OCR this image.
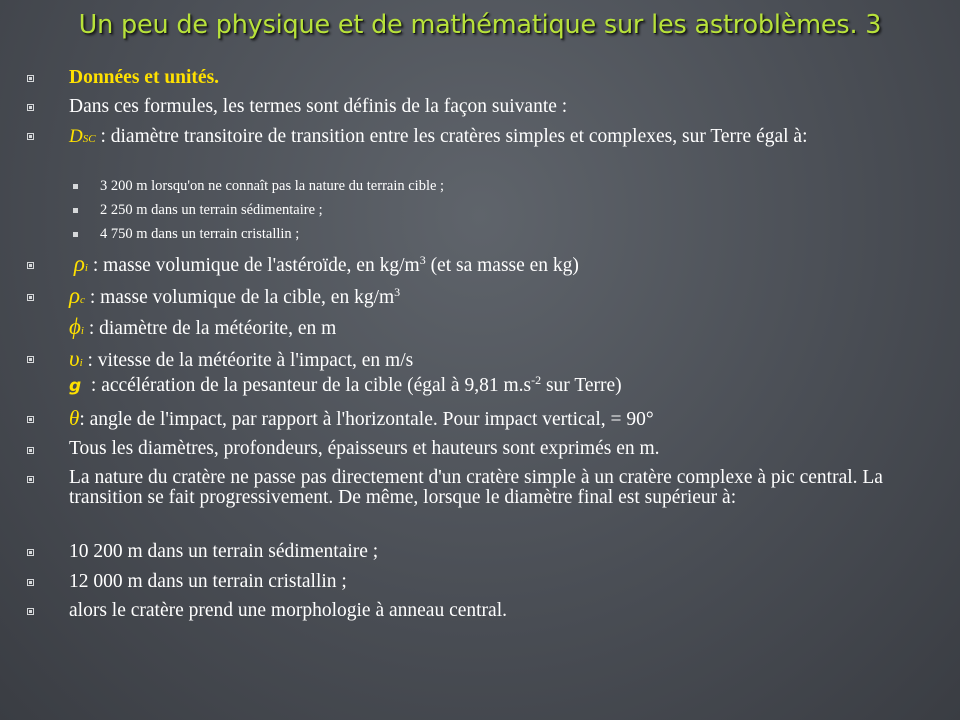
Un peu de physique et de mathématique sur les astroblèmes. 3
Données et unités.
Dans ces formules, les termes sont définis de la façon suivante :
DSC : diamètre transitoire de transition entre les cratères simples et complexes, sur Terre égal à:
3 200 m lorsqu'on ne connaît pas la nature du terrain cible ;
2 250 m dans un terrain sédimentaire ;
4 750 m dans un terrain cristallin ;
ρi : masse volumique de l'astéroïde, en $kg/m^3$ (et sa masse en kg)
ρc : masse volumique de la cible, en $kg/m^3$
ϕi : diamètre de la météorite, en m
υi : vitesse de la météorite à l'impact, en m/s
g  : accélération de la pesanteur de la cible (égal à 9,81 $m.s^{-2}$ sur Terre)
θ: angle de l'impact, par rapport à l'horizontale. Pour impact vertical, = 90°
Tous les diamètres, profondeurs, épaisseurs et hauteurs sont exprimés en m.
La nature du cratère ne passe pas directement d'un cratère simple à un cratère complexe à pic central. La transition se fait progressivement. De même, lorsque le diamètre final est supérieur à:
10 200 m dans un terrain sédimentaire ;
12 000 m dans un terrain cristallin ;
alors le cratère prend une morphologie à anneau central.
